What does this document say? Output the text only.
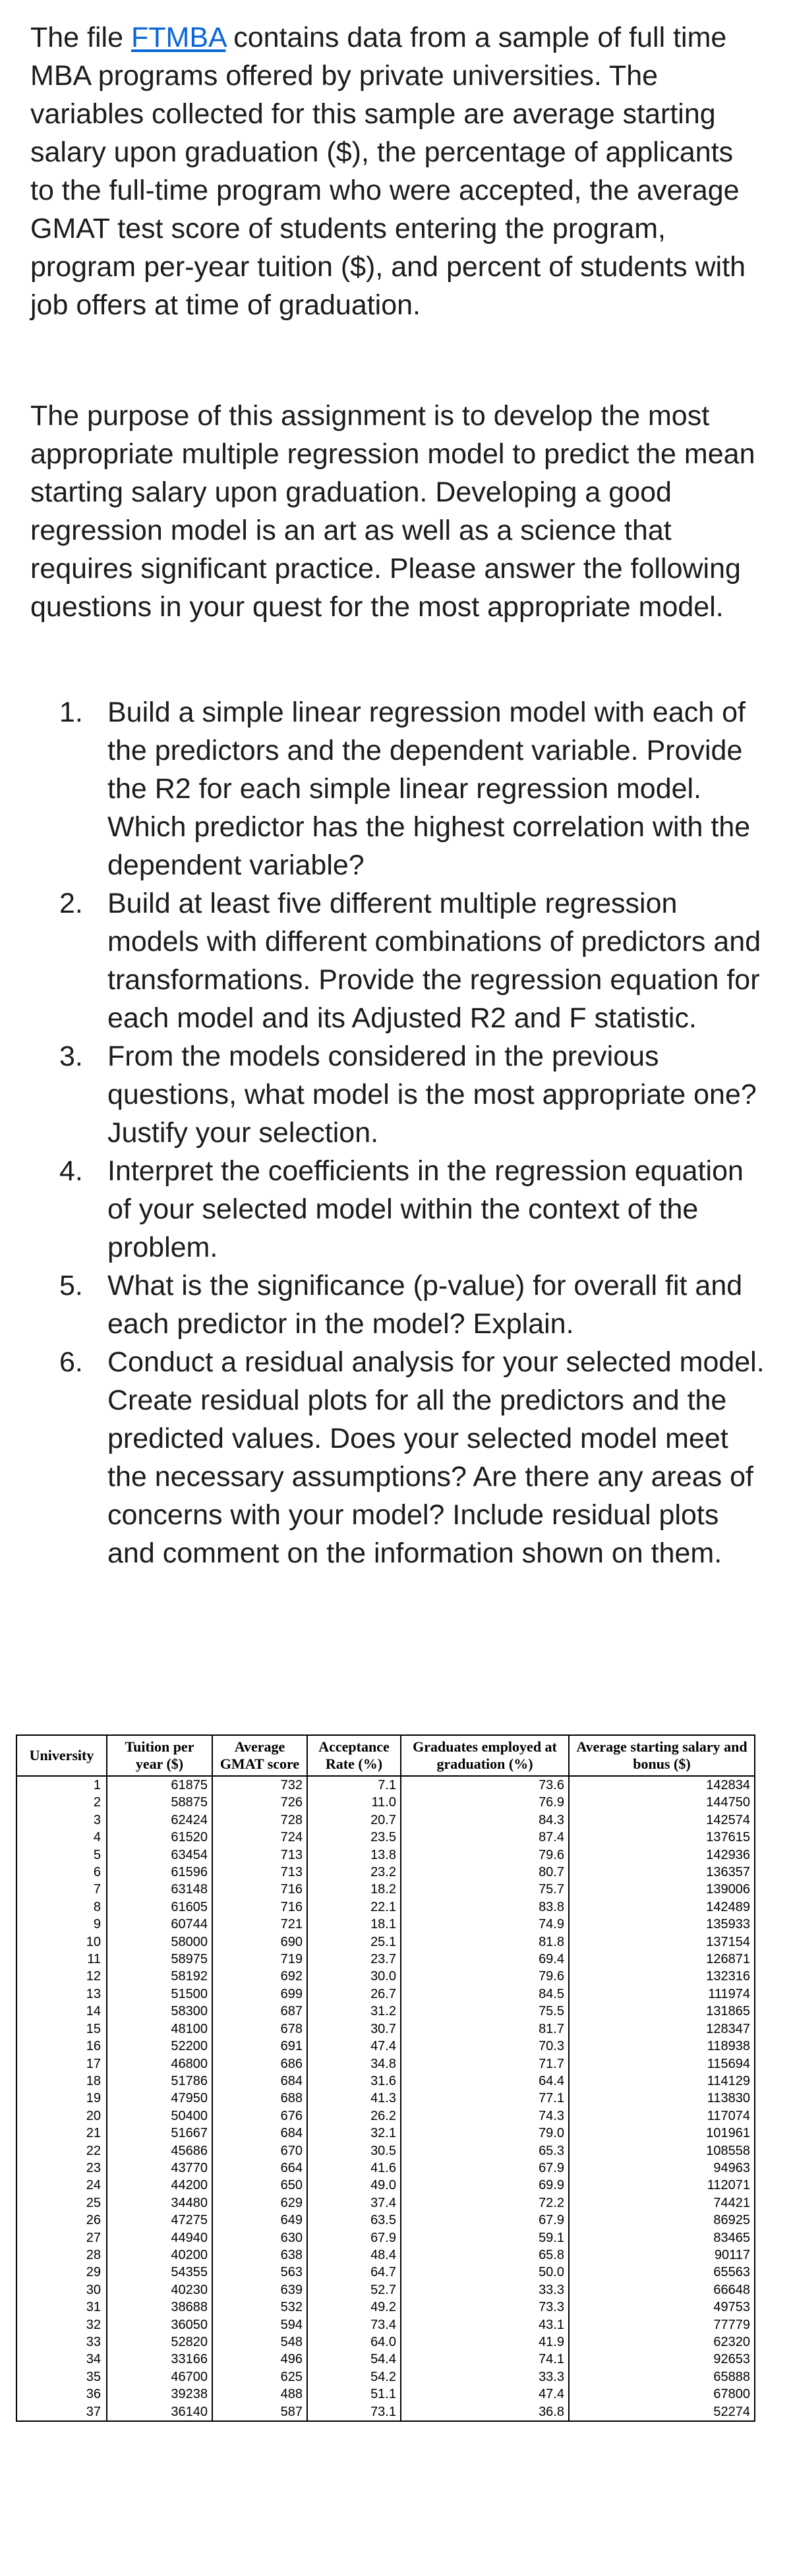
The file FTMBA contains data from a sample of full time MBA programs offered by private universities. The variables collected for this sample are average starting salary upon graduation ($), the percentage of applicants to the full-time program who were accepted, the average GMAT test score of students entering the program, program per-year tuition ($), and percent of students with job offers at time of graduation.

The purpose of this assignment is to develop the most appropriate multiple regression model to predict the mean starting salary upon graduation. Developing a good regression model is an art as well as a science that requires significant practice. Please answer the following questions in your quest for the most appropriate model.

1. Build a simple linear regression model with each of the predictors and the dependent variable. Provide the R2 for each simple linear regression model. Which predictor has the highest correlation with the dependent variable?
2. Build at least five different multiple regression models with different combinations of predictors and transformations. Provide the regression equation for each model and its Adjusted R2 and F statistic.
3. From the models considered in the previous questions, what model is the most appropriate one? Justify your selection.
4. Interpret the coefficients in the regression equation of your selected model within the context of the problem.
5. What is the significance (p-value) for overall fit and each predictor in the model? Explain.
6. Conduct a residual analysis for your selected model. Create residual plots for all the predictors and the predicted values. Does your selected model meet the necessary assumptions? Are there any areas of concerns with your model? Include residual plots and comment on the information shown on them.
University	Tuition per year ($)	Average GMAT score	Acceptance Rate (%)	Graduates employed at graduation (%)	Average starting salary and bonus ($)
1	61875	732	7.1	73.6	142834
2	58875	726	11.0	76.9	144750
3	62424	728	20.7	84.3	142574
4	61520	724	23.5	87.4	137615
5	63454	713	13.8	79.6	142936
6	61596	713	23.2	80.7	136357
7	63148	716	18.2	75.7	139006
8	61605	716	22.1	83.8	142489
9	60744	721	18.1	74.9	135933
10	58000	690	25.1	81.8	137154
11	58975	719	23.7	69.4	126871
12	58192	692	30.0	79.6	132316
13	51500	699	26.7	84.5	111974
14	58300	687	31.2	75.5	131865
15	48100	678	30.7	81.7	128347
16	52200	691	47.4	70.3	118938
17	46800	686	34.8	71.7	115694
18	51786	684	31.6	64.4	114129
19	47950	688	41.3	77.1	113830
20	50400	676	26.2	74.3	117074
21	51667	684	32.1	79.0	101961
22	45686	670	30.5	65.3	108558
23	43770	664	41.6	67.9	94963
24	44200	650	49.0	69.9	112071
25	34480	629	37.4	72.2	74421
26	47275	649	63.5	67.9	86925
27	44940	630	67.9	59.1	83465
28	40200	638	48.4	65.8	90117
29	54355	563	64.7	50.0	65563
30	40230	639	52.7	33.3	66648
31	38688	532	49.2	73.3	49753
32	36050	594	73.4	43.1	77779
33	52820	548	64.0	41.9	62320
34	33166	496	54.4	74.1	92653
35	46700	625	54.2	33.3	65888
36	39238	488	51.1	47.4	67800
37	36140	587	73.1	36.8	52274
